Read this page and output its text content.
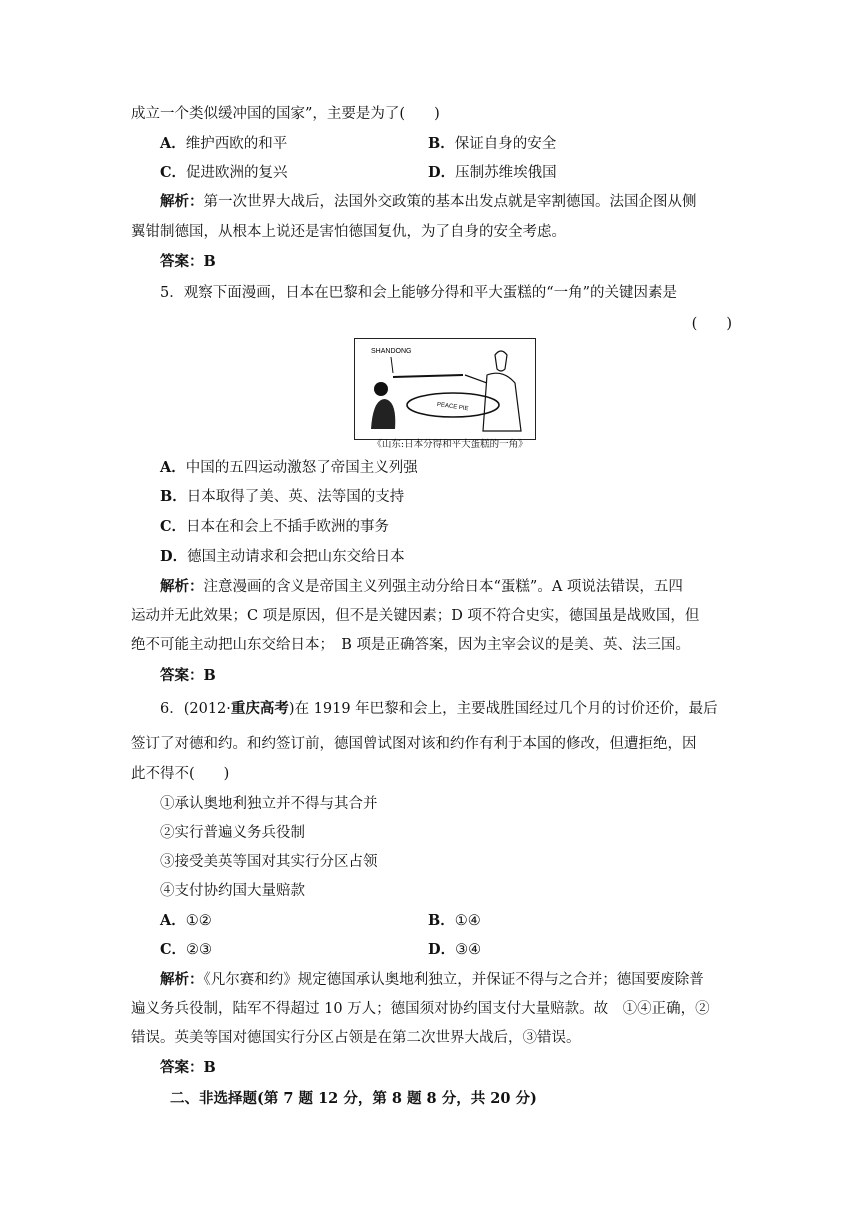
成立一个类似缓冲国的国家”，主要是为了(　　)
A．维护西欧的和平	B．保证自身的安全
C．促进欧洲的复兴	D．压制苏维埃俄国
解析：第一次世界大战后，法国外交政策的基本出发点就是宰割德国。法国企图从侧
翼钳制德国，从根本上说还是害怕德国复仇，为了自身的安全考虑。
答案：B
5．观察下面漫画，日本在巴黎和会上能够分得和平大蛋糕的“一角”的关键因素是
(　　)
SHANDONG
PEACE PIE
《山东:日本分得和平大蛋糕的一角》
A．中国的五四运动激怒了帝国主义列强
B．日本取得了美、英、法等国的支持
C．日本在和会上不插手欧洲的事务
D．德国主动请求和会把山东交给日本
解析：注意漫画的含义是帝国主义列强主动分给日本“蛋糕”。A 项说法错误，五四
运动并无此效果；C 项是原因，但不是关键因素；D 项不符合史实，德国虽是战败国，但
绝不可能主动把山东交给日本；　B 项是正确答案，因为主宰会议的是美、英、法三国。
答案：B
6．(2012·重庆高考)在 1919 年巴黎和会上，主要战胜国经过几个月的讨价还价，最后
签订了对德和约。和约签订前，德国曾试图对该和约作有利于本国的修改，但遭拒绝，因
此不得不(　　)
①承认奥地利独立并不得与其合并
②实行普遍义务兵役制
③接受美英等国对其实行分区占领
④支付协约国大量赔款
A．①②	B．①④
C．②③	D．③④
解析：《凡尔赛和约》规定德国承认奥地利独立，并保证不得与之合并；德国要废除普
遍义务兵役制，陆军不得超过 10 万人；德国须对协约国支付大量赔款。故　①④正确，②
错误。英美等国对德国实行分区占领是在第二次世界大战后，③错误。
答案：B
二、非选择题(第 7 题 12 分，第 8 题 8 分，共 20 分)
